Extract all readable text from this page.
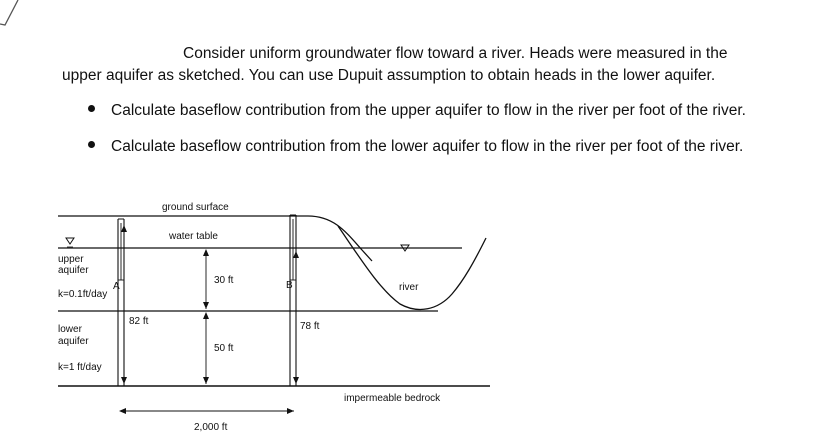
Consider uniform groundwater flow toward a river. Heads were measured in the
upper aquifer as sketched. You can use Dupuit assumption to obtain heads in the lower aquifer.
Calculate baseflow contribution from the upper aquifer to flow in the river per foot of the river.
Calculate baseflow contribution from the lower aquifer to flow in the river per foot of the river.
ground surface
water table
upper
aquifer
k=0.1ft/day
A	B
30 ft
82 ft	78 ft
lower
aquifer
50 ft
k=1 ft/day
river
impermeable bedrock
2,000 ft
